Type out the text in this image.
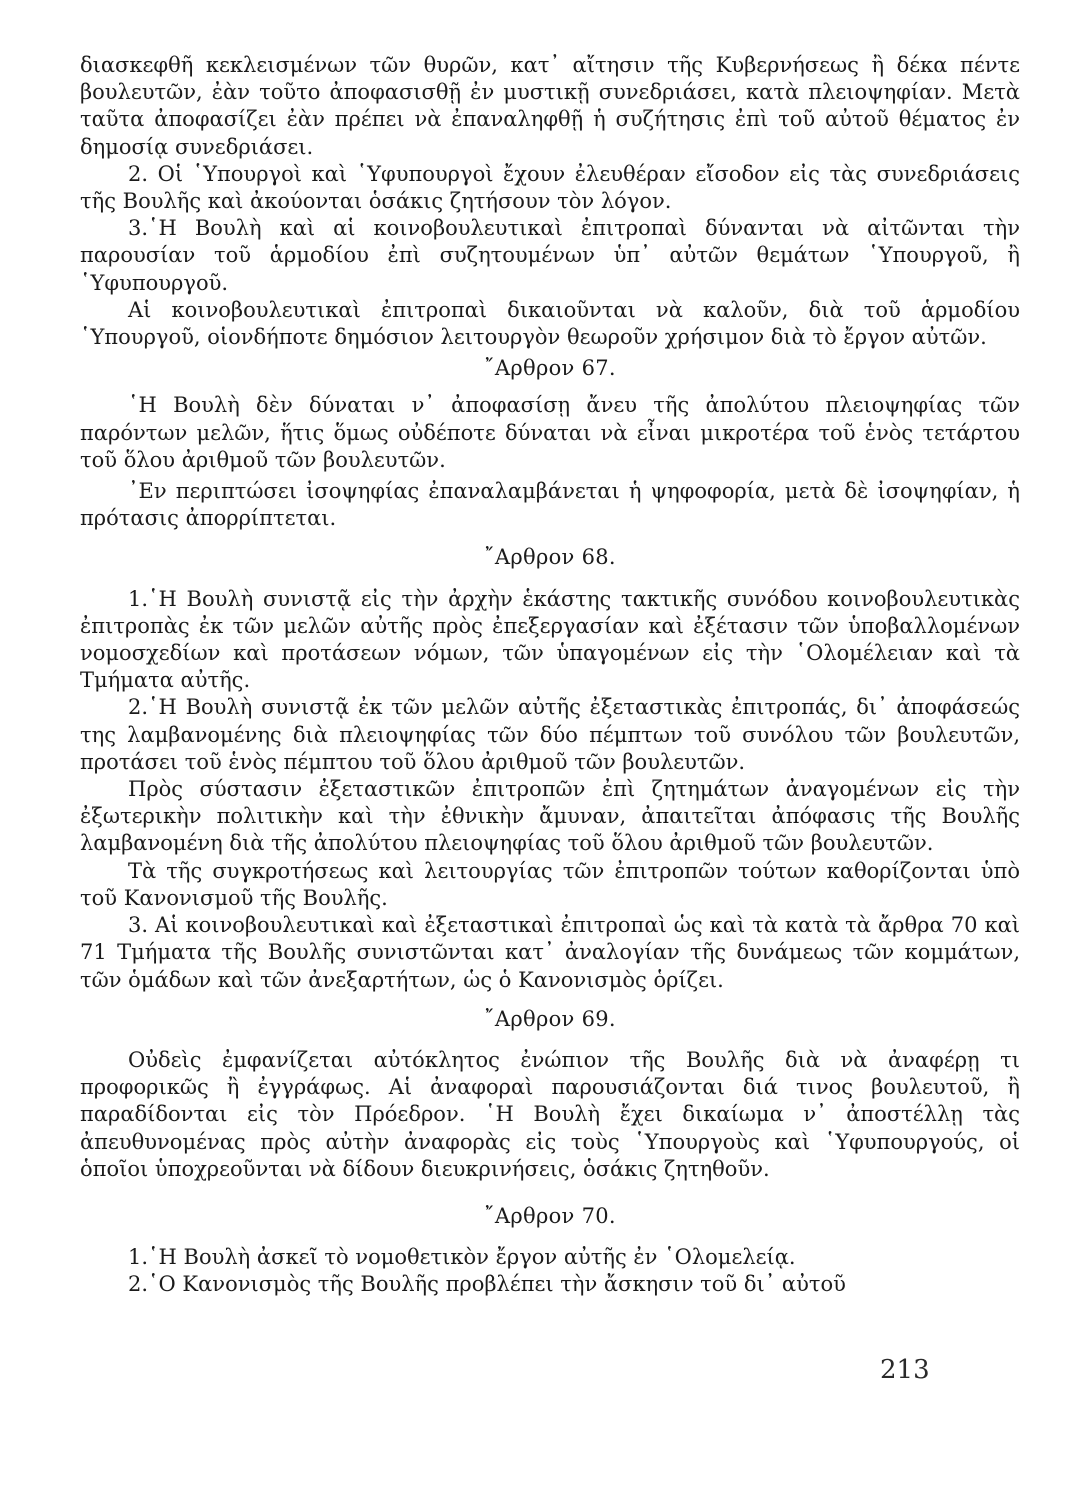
διασκεφθῆ κεκλεισμένων τῶν θυρῶν, κατ᾽ αἴτησιν τῆς Κυβερνήσεως ἢ δέκα πέντε βουλευτῶν, ἐὰν τοῦτο ἀποφασισθῇ ἐν μυστικῇ συνεδριάσει, κατὰ πλειοψηφίαν. Μετὰ ταῦτα ἀποφασίζει ἐὰν πρέπει νὰ ἐπαναληφθῇ ἡ συζήτησις ἐπὶ τοῦ αὐτοῦ θέματος ἐν δημοσίᾳ συνεδριάσει.

2. Οἱ ῾Υπουργοὶ καὶ ῾Υφυπουργοὶ ἔχουν ἐλευθέραν εἴσοδον εἰς τὰς συνεδριάσεις τῆς Βουλῆς καὶ ἀκούονται ὁσάκις ζητήσουν τὸν λόγον.

3.῾Η Βουλὴ καὶ αἱ κοινοβουλευτικαὶ ἐπιτροπαὶ δύνανται νὰ αἰτῶνται τὴν παρουσίαν τοῦ ἁρμοδίου ἐπὶ συζητουμένων ὑπ᾽ αὐτῶν θεμάτων ῾Υπουργοῦ, ἢ ῾Υφυπουργοῦ.

Αἱ κοινοβουλευτικαὶ ἐπιτροπαὶ δικαιοῦνται νὰ καλοῦν, διὰ τοῦ ἁρμοδίου ῾Υπουργοῦ, οἱονδήποτε δημόσιον λειτουργὸν θεωροῦν χρήσιμον διὰ τὸ ἔργον αὐτῶν.

῎Αρθρον 67.

῾Η Βουλὴ δὲν δύναται ν᾽ ἀποφασίσῃ ἄνευ τῆς ἀπολύτου πλειοψηφίας τῶν παρόντων μελῶν, ἥτις ὅμως οὐδέποτε δύναται νὰ εἶναι μικροτέρα τοῦ ἑνὸς τετάρτου τοῦ ὅλου ἀριθμοῦ τῶν βουλευτῶν.

᾿Εν περιπτώσει ἰσοψηφίας ἐπαναλαμβάνεται ἡ ψηφοφορία, μετὰ δὲ ἰσοψηφίαν, ἡ πρότασις ἀπορρίπτεται.

῎Αρθρον 68.

1.῾Η Βουλὴ συνιστᾷ εἰς τὴν ἀρχὴν ἑκάστης τακτικῆς συνόδου κοινοβουλευτικὰς ἐπιτροπὰς ἐκ τῶν μελῶν αὐτῆς πρὸς ἐπεξεργασίαν καὶ ἐξέτασιν τῶν ὑποβαλλομένων νομοσχεδίων καὶ προτάσεων νόμων, τῶν ὑπαγομένων εἰς τὴν ῾Ολομέλειαν καὶ τὰ Τμήματα αὐτῆς.

2.῾Η Βουλὴ συνιστᾷ ἐκ τῶν μελῶν αὐτῆς ἐξεταστικὰς ἐπιτροπάς, δι᾽ ἀποφάσεώς της λαμβανομένης διὰ πλειοψηφίας τῶν δύο πέμπτων τοῦ συνόλου τῶν βουλευτῶν, προτάσει τοῦ ἑνὸς πέμπτου τοῦ ὅλου ἀριθμοῦ τῶν βουλευτῶν.

Πρὸς σύστασιν ἐξεταστικῶν ἐπιτροπῶν ἐπὶ ζητημάτων ἀναγομένων εἰς τὴν ἐξωτερικὴν πολιτικὴν καὶ τὴν ἐθνικὴν ἄμυναν, ἀπαιτεῖται ἀπόφασις τῆς Βουλῆς λαμβανομένη διὰ τῆς ἀπολύτου πλειοψηφίας τοῦ ὅλου ἀριθμοῦ τῶν βουλευτῶν.

Τὰ τῆς συγκροτήσεως καὶ λειτουργίας τῶν ἐπιτροπῶν τούτων καθορίζονται ὑπὸ τοῦ Κανονισμοῦ τῆς Βουλῆς.

3. Αἱ κοινοβουλευτικαὶ καὶ ἐξεταστικαὶ ἐπιτροπαὶ ὡς καὶ τὰ κατὰ τὰ ἄρθρα 70 καὶ 71 Τμήματα τῆς Βουλῆς συνιστῶνται κατ᾽ ἀναλογίαν τῆς δυνάμεως τῶν κομμάτων, τῶν ὁμάδων καὶ τῶν ἀνεξαρτήτων, ὡς ὁ Κανονισμὸς ὁρίζει.

῎Αρθρον 69.

Οὐδεὶς ἐμφανίζεται αὐτόκλητος ἐνώπιον τῆς Βουλῆς διὰ νὰ ἀναφέρῃ τι προφορικῶς ἢ ἐγγράφως. Αἱ ἀναφοραὶ παρουσιάζονται διά τινος βουλευτοῦ, ἢ παραδίδονται εἰς τὸν Πρόεδρον. ῾Η Βουλὴ ἔχει δικαίωμα ν᾽ ἀποστέλλῃ τὰς ἀπευθυνομένας πρὸς αὐτὴν ἀναφορὰς εἰς τοὺς ῾Υπουργοὺς καὶ ῾Υφυπουργούς, οἱ ὁποῖοι ὑποχρεοῦνται νὰ δίδουν διευκρινήσεις, ὁσάκις ζητηθοῦν.

῎Αρθρον 70.

1.῾Η Βουλὴ ἀσκεῖ τὸ νομοθετικὸν ἔργον αὐτῆς ἐν ῾Ολομελείᾳ.

2.῾Ο Κανονισμὸς τῆς Βουλῆς προβλέπει τὴν ἄσκησιν τοῦ δι᾽ αὐτοῦ

213
